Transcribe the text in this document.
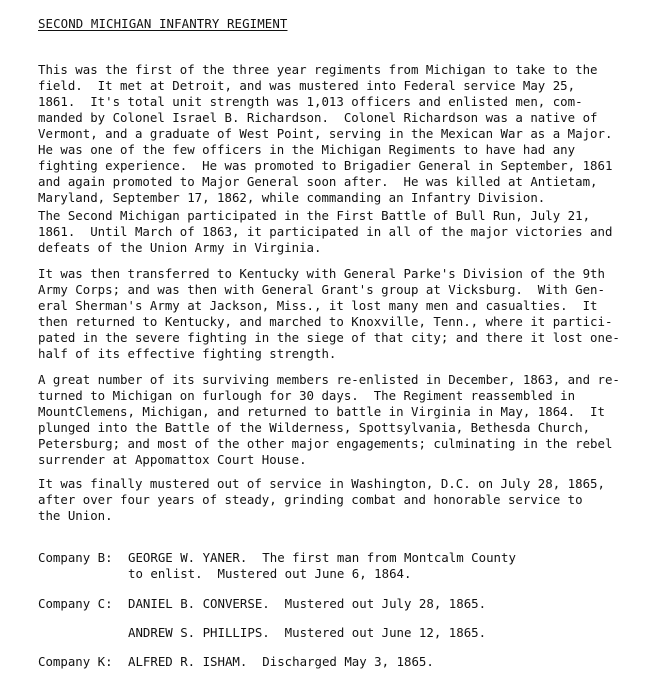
SECOND MICHIGAN INFANTRY REGIMENT
This was the first of the three year regiments from Michigan to take to the
field.  It met at Detroit, and was mustered into Federal service May 25,
1861.  It's total unit strength was 1,013 officers and enlisted men, com-
manded by Colonel Israel B. Richardson.  Colonel Richardson was a native of
Vermont, and a graduate of West Point, serving in the Mexican War as a Major.
He was one of the few officers in the Michigan Regiments to have had any
fighting experience.  He was promoted to Brigadier General in September, 1861
and again promoted to Major General soon after.  He was killed at Antietam,
Maryland, September 17, 1862, while commanding an Infantry Division.
The Second Michigan participated in the First Battle of Bull Run, July 21,
1861.  Until March of 1863, it participated in all of the major victories and
defeats of the Union Army in Virginia.
It was then transferred to Kentucky with General Parke's Division of the 9th
Army Corps; and was then with General Grant's group at Vicksburg.  With Gen-
eral Sherman's Army at Jackson, Miss., it lost many men and casualties.  It
then returned to Kentucky, and marched to Knoxville, Tenn., where it partici-
pated in the severe fighting in the siege of that city; and there it lost one-
half of its effective fighting strength.
A great number of its surviving members re-enlisted in December, 1863, and re-
turned to Michigan on furlough for 30 days.  The Regiment reassembled in
MountClemens, Michigan, and returned to battle in Virginia in May, 1864.  It
plunged into the Battle of the Wilderness, Spottsylvania, Bethesda Church,
Petersburg; and most of the other major engagements; culminating in the rebel
surrender at Appomattox Court House.
It was finally mustered out of service in Washington, D.C. on July 28, 1865,
after over four years of steady, grinding combat and honorable service to
the Union.
Company B: GEORGE W. YANER.  The first man from Montcalm County
to enlist.  Mustered out June 6, 1864.
Company C: DANIEL B. CONVERSE.  Mustered out July 28, 1865.
ANDREW S. PHILLIPS.  Mustered out June 12, 1865.
Company K: ALFRED R. ISHAM.  Discharged May 3, 1865.
